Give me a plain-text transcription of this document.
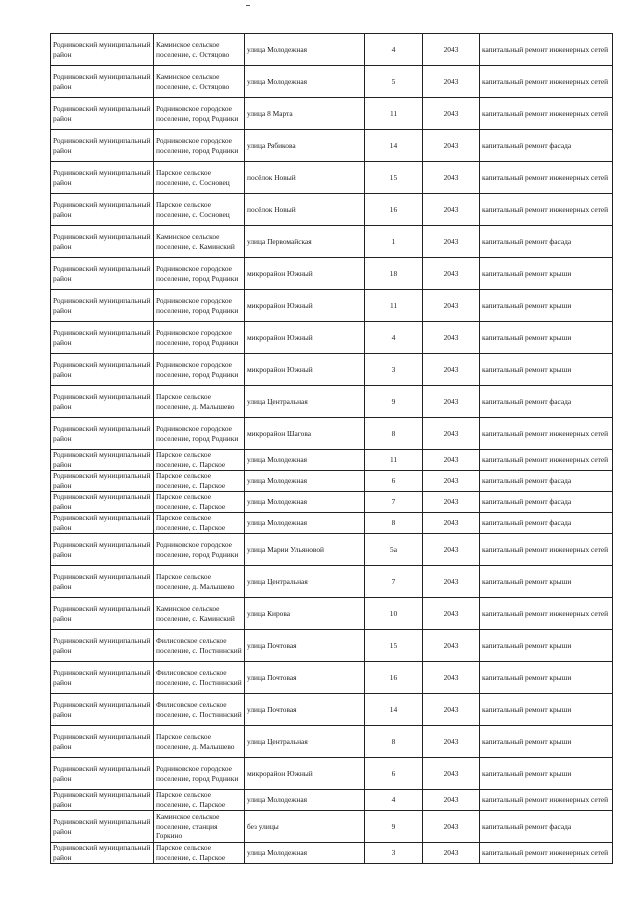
Родниковский муниципальный район	Каминское сельское поселение, с. Остяцово	улица Молодежная	4	2043	капитальный ремонт инженерных сетей

Родниковский муниципальный район	Каминское сельское поселение, с. Остяцово	улица Молодежная	5	2043	капитальный ремонт инженерных сетей

Родниковский муниципальный район	Родниковское городское поселение, город Родники	улица 8 Марта	11	2043	капитальный ремонт инженерных сетей

Родниковский муниципальный район	Родниковское городское поселение, город Родники	улица Рябикова	14	2043	капитальный ремонт фасада

Родниковский муниципальный район	Парское сельское поселение, с. Сосновец	посёлок Новый	15	2043	капитальный ремонт инженерных сетей

Родниковский муниципальный район	Парское сельское поселение, с. Сосновец	посёлок Новый	16	2043	капитальный ремонт инженерных сетей

Родниковский муниципальный район	Каминское сельское поселение, с. Каминский	улица Первомайская	1	2043	капитальный ремонт фасада

Родниковский муниципальный район	Родниковское городское поселение, город Родники	микрорайон Южный	18	2043	капитальный ремонт крыши

Родниковский муниципальный район	Родниковское городское поселение, город Родники	микрорайон Южный	11	2043	капитальный ремонт крыши

Родниковский муниципальный район	Родниковское городское поселение, город Родники	микрорайон Южный	4	2043	капитальный ремонт крыши

Родниковский муниципальный район	Родниковское городское поселение, город Родники	микрорайон Южный	3	2043	капитальный ремонт крыши

Родниковский муниципальный район	Парское сельское поселение, д. Малышево	улица Центральная	9	2043	капитальный ремонт фасада

Родниковский муниципальный район	Родниковское городское поселение, город Родники	микрорайон Шагова	8	2043	капитальный ремонт инженерных сетей

Родниковский муниципальный район	Парское сельское поселение, с. Парское	улица Молодежная	11	2043	капитальный ремонт инженерных сетей

Родниковский муниципальный район	Парское сельское поселение, с. Парское	улица Молодежная	6	2043	капитальный ремонт фасада

Родниковский муниципальный район	Парское сельское поселение, с. Парское	улица Молодежная	7	2043	капитальный ремонт фасада

Родниковский муниципальный район	Парское сельское поселение, с. Парское	улица Молодежная	8	2043	капитальный ремонт фасада

Родниковский муниципальный район	Родниковское городское поселение, город Родники	улица Марии Ульяновой	5а	2043	капитальный ремонт инженерных сетей

Родниковский муниципальный район	Парское сельское поселение, д. Малышево	улица Центральная	7	2043	капитальный ремонт крыши

Родниковский муниципальный район	Каминское сельское поселение, с. Каминский	улица Кирова	10	2043	капитальный ремонт инженерных сетей

Родниковский муниципальный район	Филисовское сельское поселение, с. Постнинский	улица Почтовая	15	2043	капитальный ремонт крыши

Родниковский муниципальный район	Филисовское сельское поселение, с. Постнинский	улица Почтовая	16	2043	капитальный ремонт крыши

Родниковский муниципальный район	Филисовское сельское поселение, с. Постнинский	улица Почтовая	14	2043	капитальный ремонт крыши

Родниковский муниципальный район	Парское сельское поселение, д. Малышево	улица Центральная	8	2043	капитальный ремонт крыши

Родниковский муниципальный район	Родниковское городское поселение, город Родники	микрорайон Южный	6	2043	капитальный ремонт крыши

Родниковский муниципальный район	Парское сельское поселение, с. Парское	улица Молодежная	4	2043	капитальный ремонт инженерных сетей

Родниковский муниципальный район	Каминское сельское поселение, станция Горкино	без улицы	9	2043	капитальный ремонт фасада

Родниковский муниципальный район	Парское сельское поселение, с. Парское	улица Молодежная	3	2043	капитальный ремонт инженерных сетей
